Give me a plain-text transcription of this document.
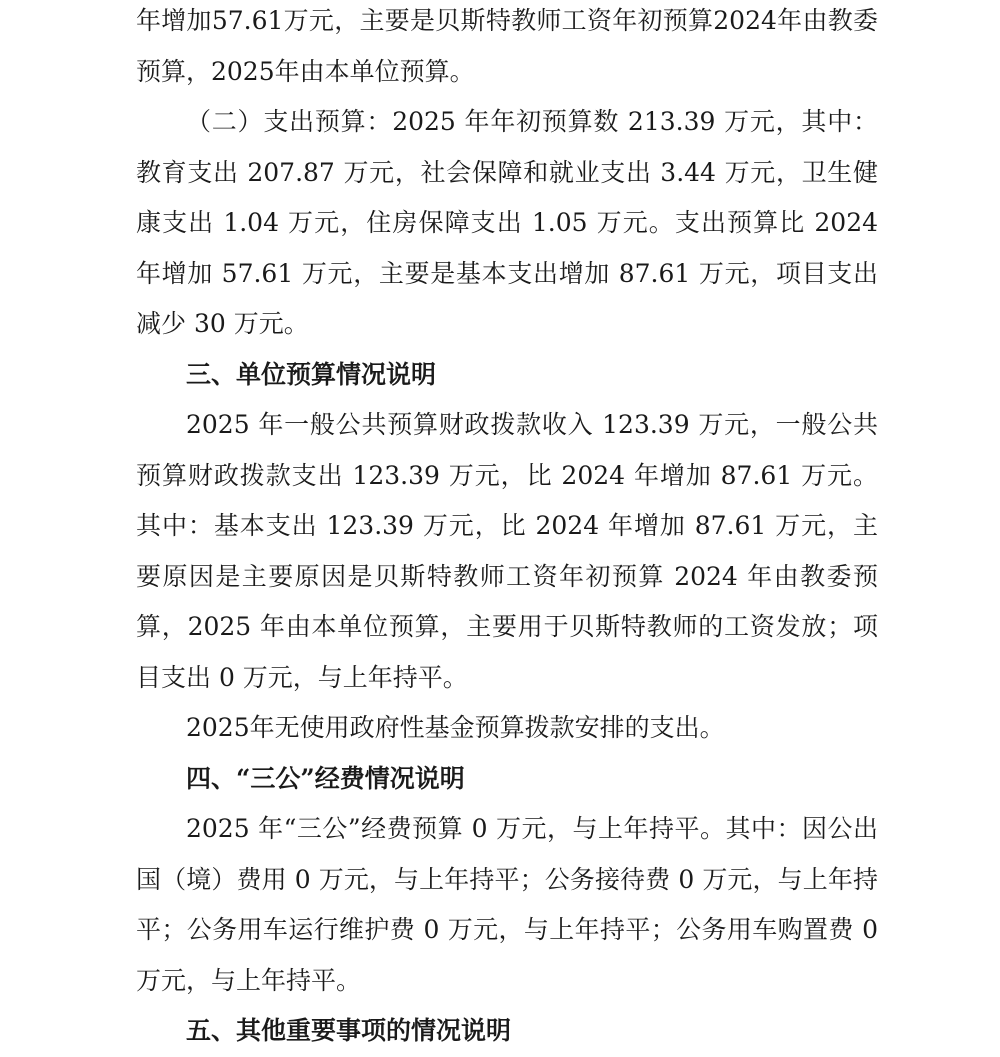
年增加57.61万元，主要是贝斯特教师工资年初预算2024年由教委预算，2025年由本单位预算。

（二）支出预算：2025 年年初预算数 213.39 万元，其中：教育支出 207.87 万元，社会保障和就业支出 3.44 万元，卫生健康支出 1.04 万元，住房保障支出 1.05 万元。支出预算比 2024 年增加 57.61 万元，主要是基本支出增加 87.61 万元，项目支出减少 30 万元。

三、单位预算情况说明

2025 年一般公共预算财政拨款收入 123.39 万元，一般公共预算财政拨款支出 123.39 万元，比 2024 年增加 87.61 万元。其中：基本支出 123.39 万元，比 2024 年增加 87.61 万元，主要原因是主要原因是贝斯特教师工资年初预算 2024 年由教委预算，2025 年由本单位预算，主要用于贝斯特教师的工资发放；项目支出 0 万元，与上年持平。

2025年无使用政府性基金预算拨款安排的支出。

四、“三公”经费情况说明

2025 年“三公”经费预算 0 万元，与上年持平。其中：因公出国（境）费用 0 万元，与上年持平；公务接待费 0 万元，与上年持平；公务用车运行维护费 0 万元，与上年持平；公务用车购置费 0 万元，与上年持平。

五、其他重要事项的情况说明
